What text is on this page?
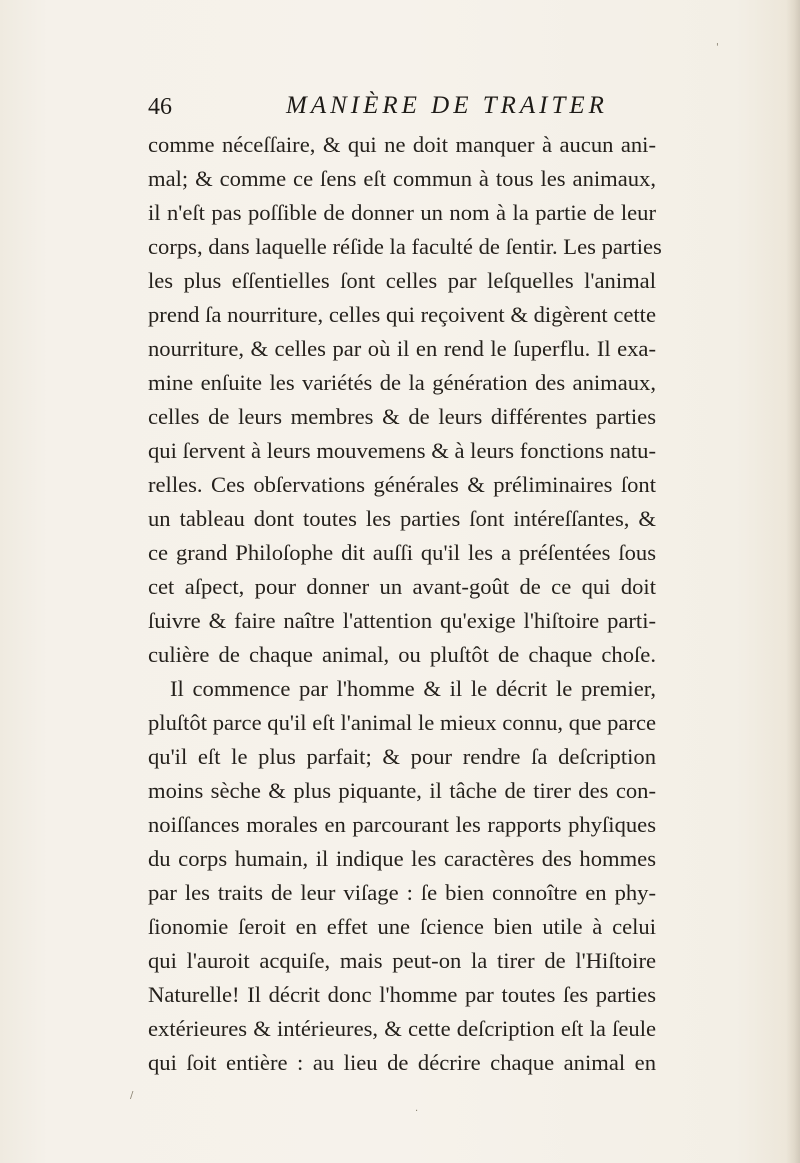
46	MANIÈRE DE TRAITER
comme néceſſaire, & qui ne doit manquer à aucun ani-
mal; & comme ce ſens eſt commun à tous les animaux,
il n'eſt pas poſſible de donner un nom à la partie de leur
corps, dans laquelle réſide la faculté de ſentir. Les parties
les plus eſſentielles ſont celles par leſquelles l'animal
prend ſa nourriture, celles qui reçoivent & digèrent cette
nourriture, & celles par où il en rend le ſuperflu. Il exa-
mine enſuite les variétés de la génération des animaux,
celles de leurs membres & de leurs différentes parties
qui ſervent à leurs mouvemens & à leurs fonctions natu-
relles. Ces obſervations générales & préliminaires ſont
un tableau dont toutes les parties ſont intéreſſantes, &
ce grand Philoſophe dit auſſi qu'il les a préſentées ſous
cet aſpect, pour donner un avant-goût de ce qui doit
ſuivre & faire naître l'attention qu'exige l'hiſtoire parti-
culière de chaque animal, ou pluſtôt de chaque choſe.
Il commence par l'homme & il le décrit le premier,
pluſtôt parce qu'il eſt l'animal le mieux connu, que parce
qu'il eſt le plus parfait; & pour rendre ſa deſcription
moins sèche & plus piquante, il tâche de tirer des con-
noiſſances morales en parcourant les rapports phyſiques
du corps humain, il indique les caractères des hommes
par les traits de leur viſage : ſe bien connoître en phy-
ſionomie ſeroit en effet une ſcience bien utile à celui
qui l'auroit acquiſe, mais peut-on la tirer de l'Hiſtoire
Naturelle! Il décrit donc l'homme par toutes ſes parties
extérieures & intérieures, & cette deſcription eſt la ſeule
qui ſoit entière : au lieu de décrire chaque animal en
/
·
'
